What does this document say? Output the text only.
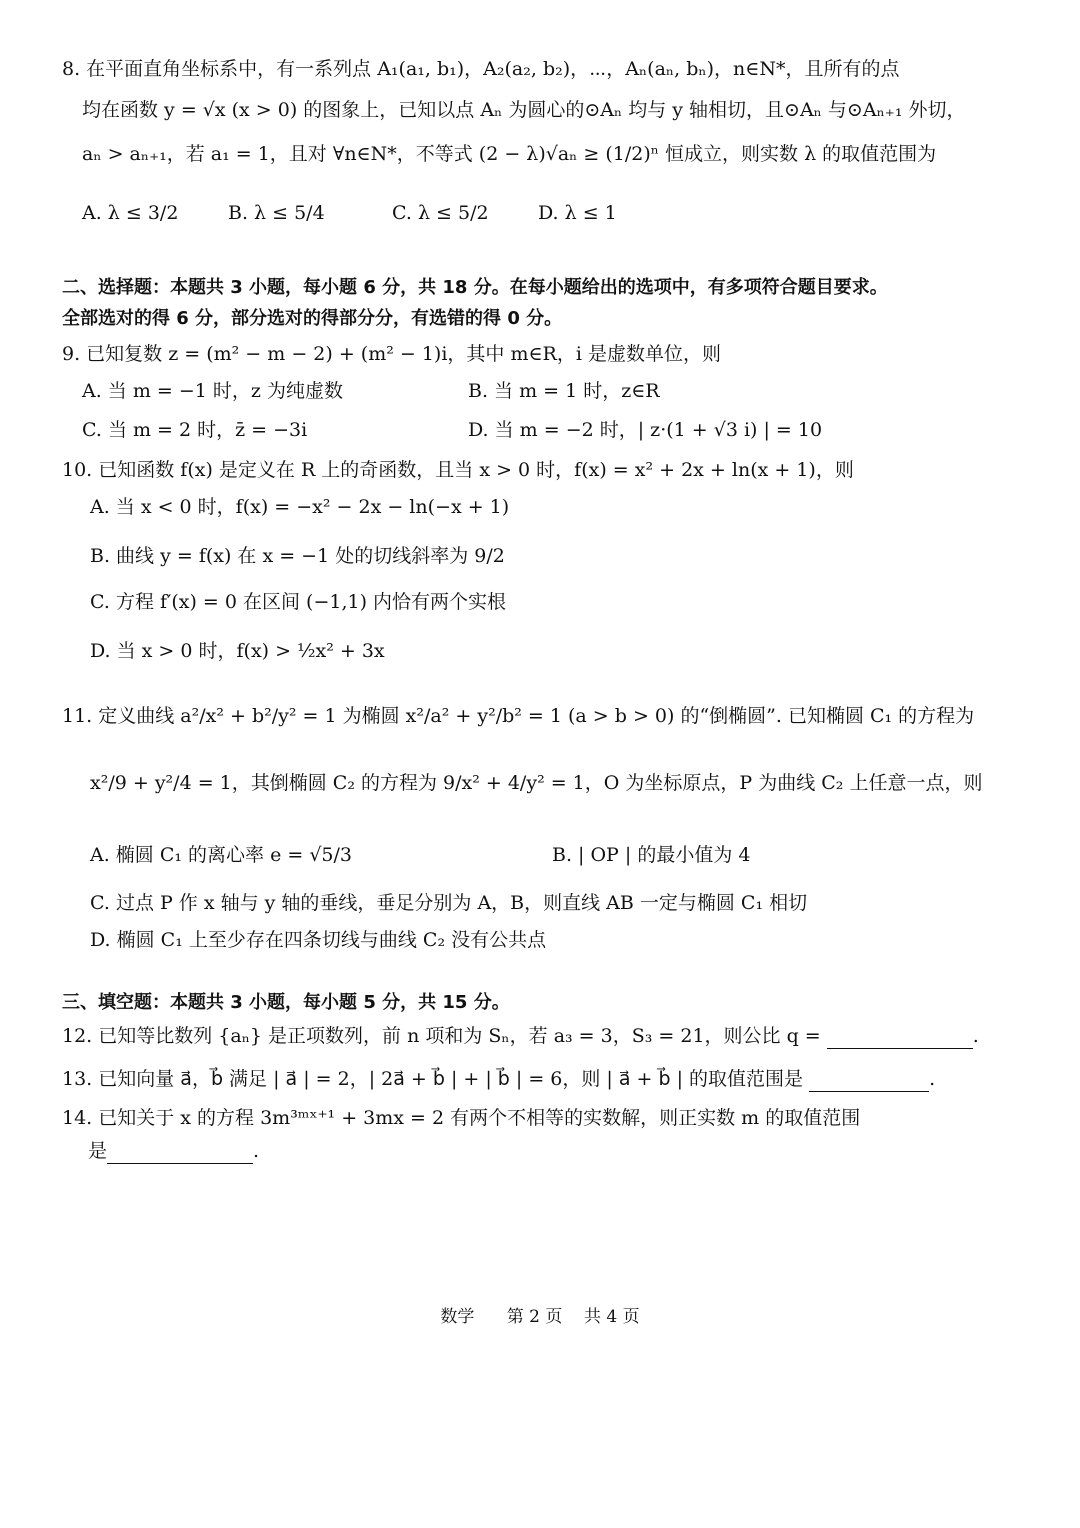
8. 在平面直角坐标系中，有一系列点 A₁(a₁, b₁)，A₂(a₂, b₂)，⋯，Aₙ(aₙ, bₙ)，n∈N*，且所有的点
均在函数 y = √x (x > 0) 的图象上，已知以点 Aₙ 为圆心的⊙Aₙ 均与 y 轴相切，且⊙Aₙ 与⊙Aₙ₊₁ 外切，
aₙ > aₙ₊₁，若 a₁ = 1，且对 ∀n∈N*，不等式 (2 − λ)√aₙ ≥ (1/2)ⁿ 恒成立，则实数 λ 的取值范围为
A. λ ≤ 3/2	B. λ ≤ 5/4	C. λ ≤ 5/2	D. λ ≤ 1
二、选择题：本题共 3 小题，每小题 6 分，共 18 分。在每小题给出的选项中，有多项符合题目要求。
全部选对的得 6 分，部分选对的得部分分，有选错的得 0 分。
9. 已知复数 z = (m² − m − 2) + (m² − 1)i，其中 m∈R，i 是虚数单位，则
A. 当 m = −1 时，z 为纯虚数	B. 当 m = 1 时，z∈R
C. 当 m = 2 时，z̄ = −3i	D. 当 m = −2 时，| z·(1 + √3 i) | = 10
10. 已知函数 f(x) 是定义在 R 上的奇函数，且当 x > 0 时，f(x) = x² + 2x + ln(x + 1)，则
A. 当 x < 0 时，f(x) = −x² − 2x − ln(−x + 1)
B. 曲线 y = f(x) 在 x = −1 处的切线斜率为 9/2
C. 方程 f′(x) = 0 在区间 (−1,1) 内恰有两个实根
D. 当 x > 0 时，f(x) > ½x² + 3x
11. 定义曲线 a²/x² + b²/y² = 1 为椭圆 x²/a² + y²/b² = 1 (a > b > 0) 的“倒椭圆”. 已知椭圆 C₁ 的方程为
x²/9 + y²/4 = 1，其倒椭圆 C₂ 的方程为 9/x² + 4/y² = 1，O 为坐标原点，P 为曲线 C₂ 上任意一点，则
A. 椭圆 C₁ 的离心率 e = √5/3	B. | OP | 的最小值为 4
C. 过点 P 作 x 轴与 y 轴的垂线，垂足分别为 A，B，则直线 AB 一定与椭圆 C₁ 相切
D. 椭圆 C₁ 上至少存在四条切线与曲线 C₂ 没有公共点
三、填空题：本题共 3 小题，每小题 5 分，共 15 分。
12. 已知等比数列 {aₙ} 是正项数列，前 n 项和为 Sₙ，若 a₃ = 3，S₃ = 21，则公比 q =	.
13. 已知向量 a⃗，b⃗ 满足 | a⃗ | = 2，| 2a⃗ + b⃗ | + | b⃗ | = 6，则 | a⃗ + b⃗ | 的取值范围是	.
14. 已知关于 x 的方程 3m³ᵐˣ⁺¹ + 3mx = 2 有两个不相等的实数解，则正实数 m 的取值范围
是	.
数学 第 2 页 共 4 页
